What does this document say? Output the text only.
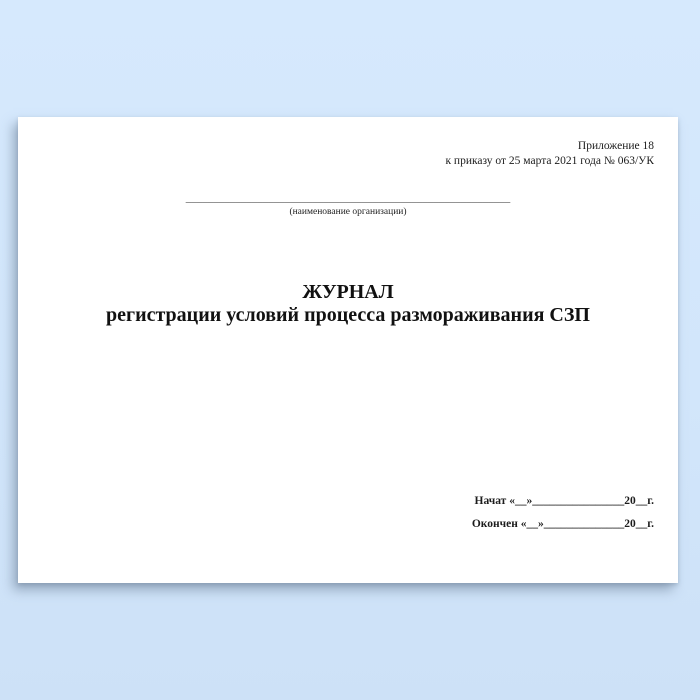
Приложение 18
к приказу от 25 марта 2021 года № 063/УК
___________________________________________________________
(наименование организации)
ЖУРНАЛ
регистрации условий процесса размораживания СЗП
Начат «__»________________20__г.
Окончен «__»______________20__г.
